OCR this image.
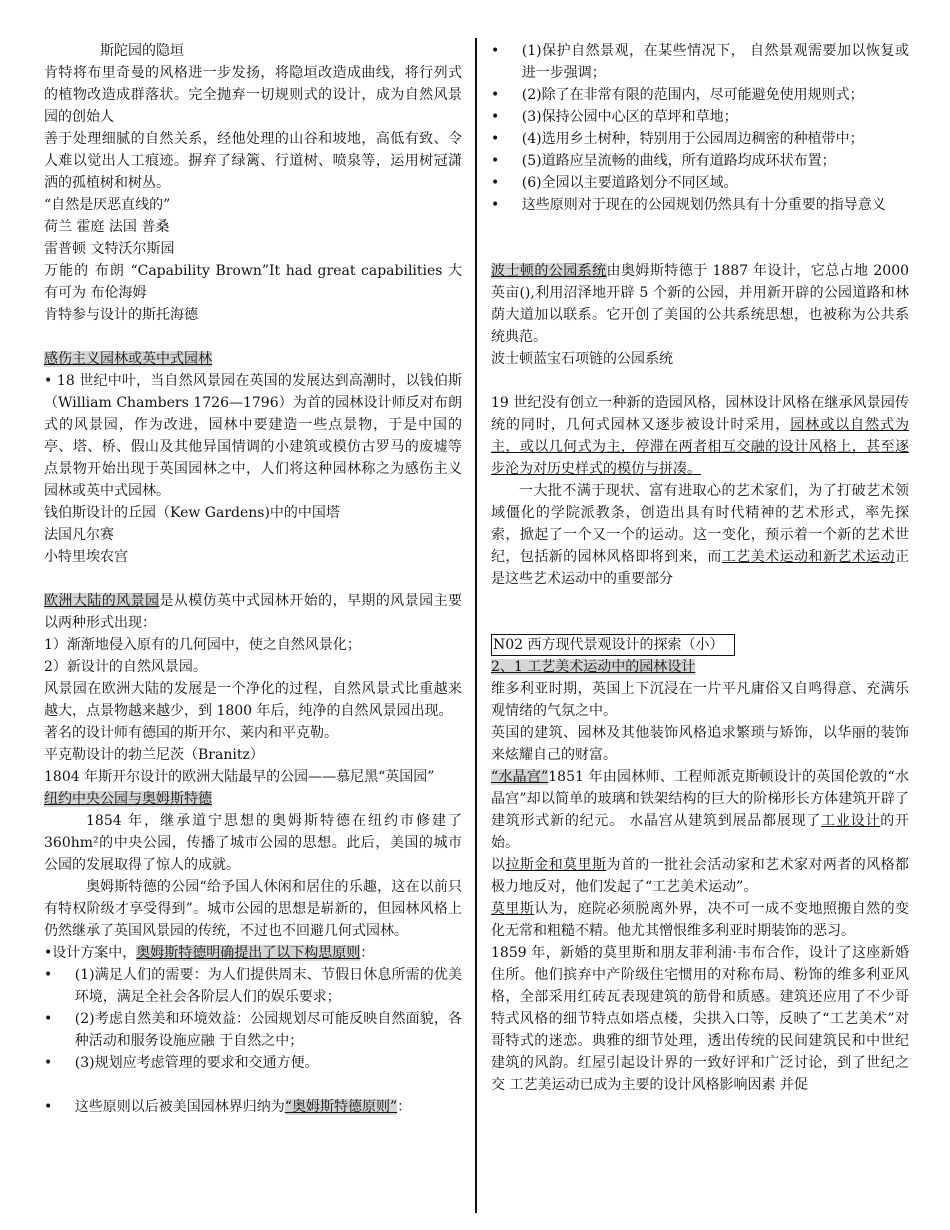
斯陀园的隐垣

肯特将布里奇曼的风格进一步发扬，将隐垣改造成曲线，将行列式的植物改造成群落状。完全抛弃一切规则式的设计，成为自然风景园的创始人

善于处理细腻的自然关系，经他处理的山谷和坡地，高低有致、令人难以觉出人工痕迹。摒弃了绿篱、行道树、喷泉等，运用树冠潇洒的孤植树和树丛。

“自然是厌恶直线的”

荷兰 霍庭 法国 普桑

雷普顿 文特沃尔斯园

万能的 布朗 “Capability Brown”It had great capabilities 大有可为 布伦海姆

肯特参与设计的斯托海德

感伤主义园林或英中式园林

• 18 世纪中叶，当自然风景园在英国的发展达到高潮时，以钱伯斯（William Chambers 1726—1796）为首的园林设计师反对布朗式的风景园，作为改进，园林中要建造一些点景物，于是中国的亭、塔、桥、假山及其他异国情调的小建筑或模仿古罗马的废墟等点景物开始出现于英国园林之中，人们将这种园林称之为感伤主义园林或英中式园林。

钱伯斯设计的丘园（Kew Gardens)中的中国塔

法国凡尔赛

小特里埃农宫

欧洲大陆的风景园是从模仿英中式园林开始的，早期的风景园主要以两种形式出现：

1）渐渐地侵入原有的几何园中，使之自然风景化；

2）新设计的自然风景园。

风景园在欧洲大陆的发展是一个净化的过程，自然风景式比重越来越大，点景物越来越少，到 1800 年后，纯净的自然风景园出现。

著名的设计师有德国的斯开尔、莱内和平克勒。

平克勒设计的勃兰尼茨（Branitz）

1804 年斯开尔设计的欧洲大陆最早的公园——慕尼黑“英国园”

纽约中央公园与奥姆斯特德

1854 年，继承道宁思想的奥姆斯特德在纽约市修建了 360hm²的中央公园，传播了城市公园的思想。此后，美国的城市公园的发展取得了惊人的成就。

奥姆斯特德的公园“给予国人休闲和居住的乐趣，这在以前只有特权阶级才享受得到”。城市公园的思想是崭新的，但园林风格上仍然继承了英国风景园的传统，不过也不回避几何式园林。

•设计方案中，奥姆斯特德明确提出了以下构思原则：

• (1)满足人们的需要：为人们提供周末、节假日休息所需的优美环境，满足全社会各阶层人们的娱乐要求；

• (2)考虑自然美和环境效益：公园规划尽可能反映自然面貌，各种活动和服务设施应融 于自然之中；

• (3)规划应考虑管理的要求和交通方便。

• 这些原则以后被美国园林界归纳为“奥姆斯特德原则”：

• (1)保护自然景观，在某些情况下， 自然景观需要加以恢复或进一步强调；

• (2)除了在非常有限的范围内，尽可能避免使用规则式；

• (3)保持公园中心区的草坪和草地；

• (4)选用乡土树种，特别用于公园周边稠密的种植带中；

• (5)道路应呈流畅的曲线，所有道路均成环状布置；

• (6)全园以主要道路划分不同区域。

• 这些原则对于现在的公园规划仍然具有十分重要的指导意义

波士顿的公园系统由奥姆斯特德于 1887 年设计，它总占地 2000 英亩(),利用沼泽地开辟 5 个新的公园，并用新开辟的公园道路和林荫大道加以联系。它开创了美国的公共系统思想，也被称为公共系统典范。

波士顿蓝宝石项链的公园系统

19 世纪没有创立一种新的造园风格，园林设计风格在继承风景园传统的同时，几何式园林又逐步被设计时采用，园林或以自然式为主，或以几何式为主，停滞在两者相互交融的设计风格上，甚至逐步沦为对历史样式的模仿与拼凑。

一大批不满于现状、富有进取心的艺术家们，为了打破艺术领域僵化的学院派教条，创造出具有时代精神的艺术形式，率先探索，掀起了一个又一个的运动。这一变化，预示着一个新的艺术世纪，包括新的园林风格即将到来，而工艺美术运动和新艺术运动正是这些艺术运动中的重要部分

N02 西方现代景观设计的探索（小）

2、1 工艺美术运动中的园林设计

维多利亚时期，英国上下沉浸在一片平凡庸俗又自鸣得意、充满乐观情绪的气氛之中。

英国的建筑、园林及其他装饰风格追求繁琐与矫饰，以华丽的装饰来炫耀自己的财富。

“水晶宫”1851 年由园林师、工程师派克斯顿设计的英国伦敦的“水晶宫”却以简单的玻璃和铁架结构的巨大的阶梯形长方体建筑开辟了建筑形式新的纪元。 水晶宫从建筑到展品都展现了工业设计的开始。

以拉斯金和莫里斯为首的一批社会活动家和艺术家对两者的风格都极力地反对，他们发起了“工艺美术运动”。

莫里斯认为，庭院必须脱离外界，决不可一成不变地照搬自然的变化无常和粗糙不精。他尤其憎恨维多利亚时期装饰的恶习。

1859 年，新婚的莫里斯和朋友菲利浦·韦布合作，设计了这座新婚住所。他们摈弃中产阶级住宅惯用的对称布局、粉饰的维多利亚风格，全部采用红砖瓦表现建筑的筋骨和质感。建筑还应用了不少哥特式风格的细节特点如塔点楼，尖拱入口等，反映了“工艺美术”对哥特式的迷恋。典雅的细节处理，透出传统的民间建筑民和中世纪建筑的风韵。红屋引起设计界的一致好评和广泛讨论，到了世纪之交 工艺美运动已成为主要的设计风格影响因素 并促
